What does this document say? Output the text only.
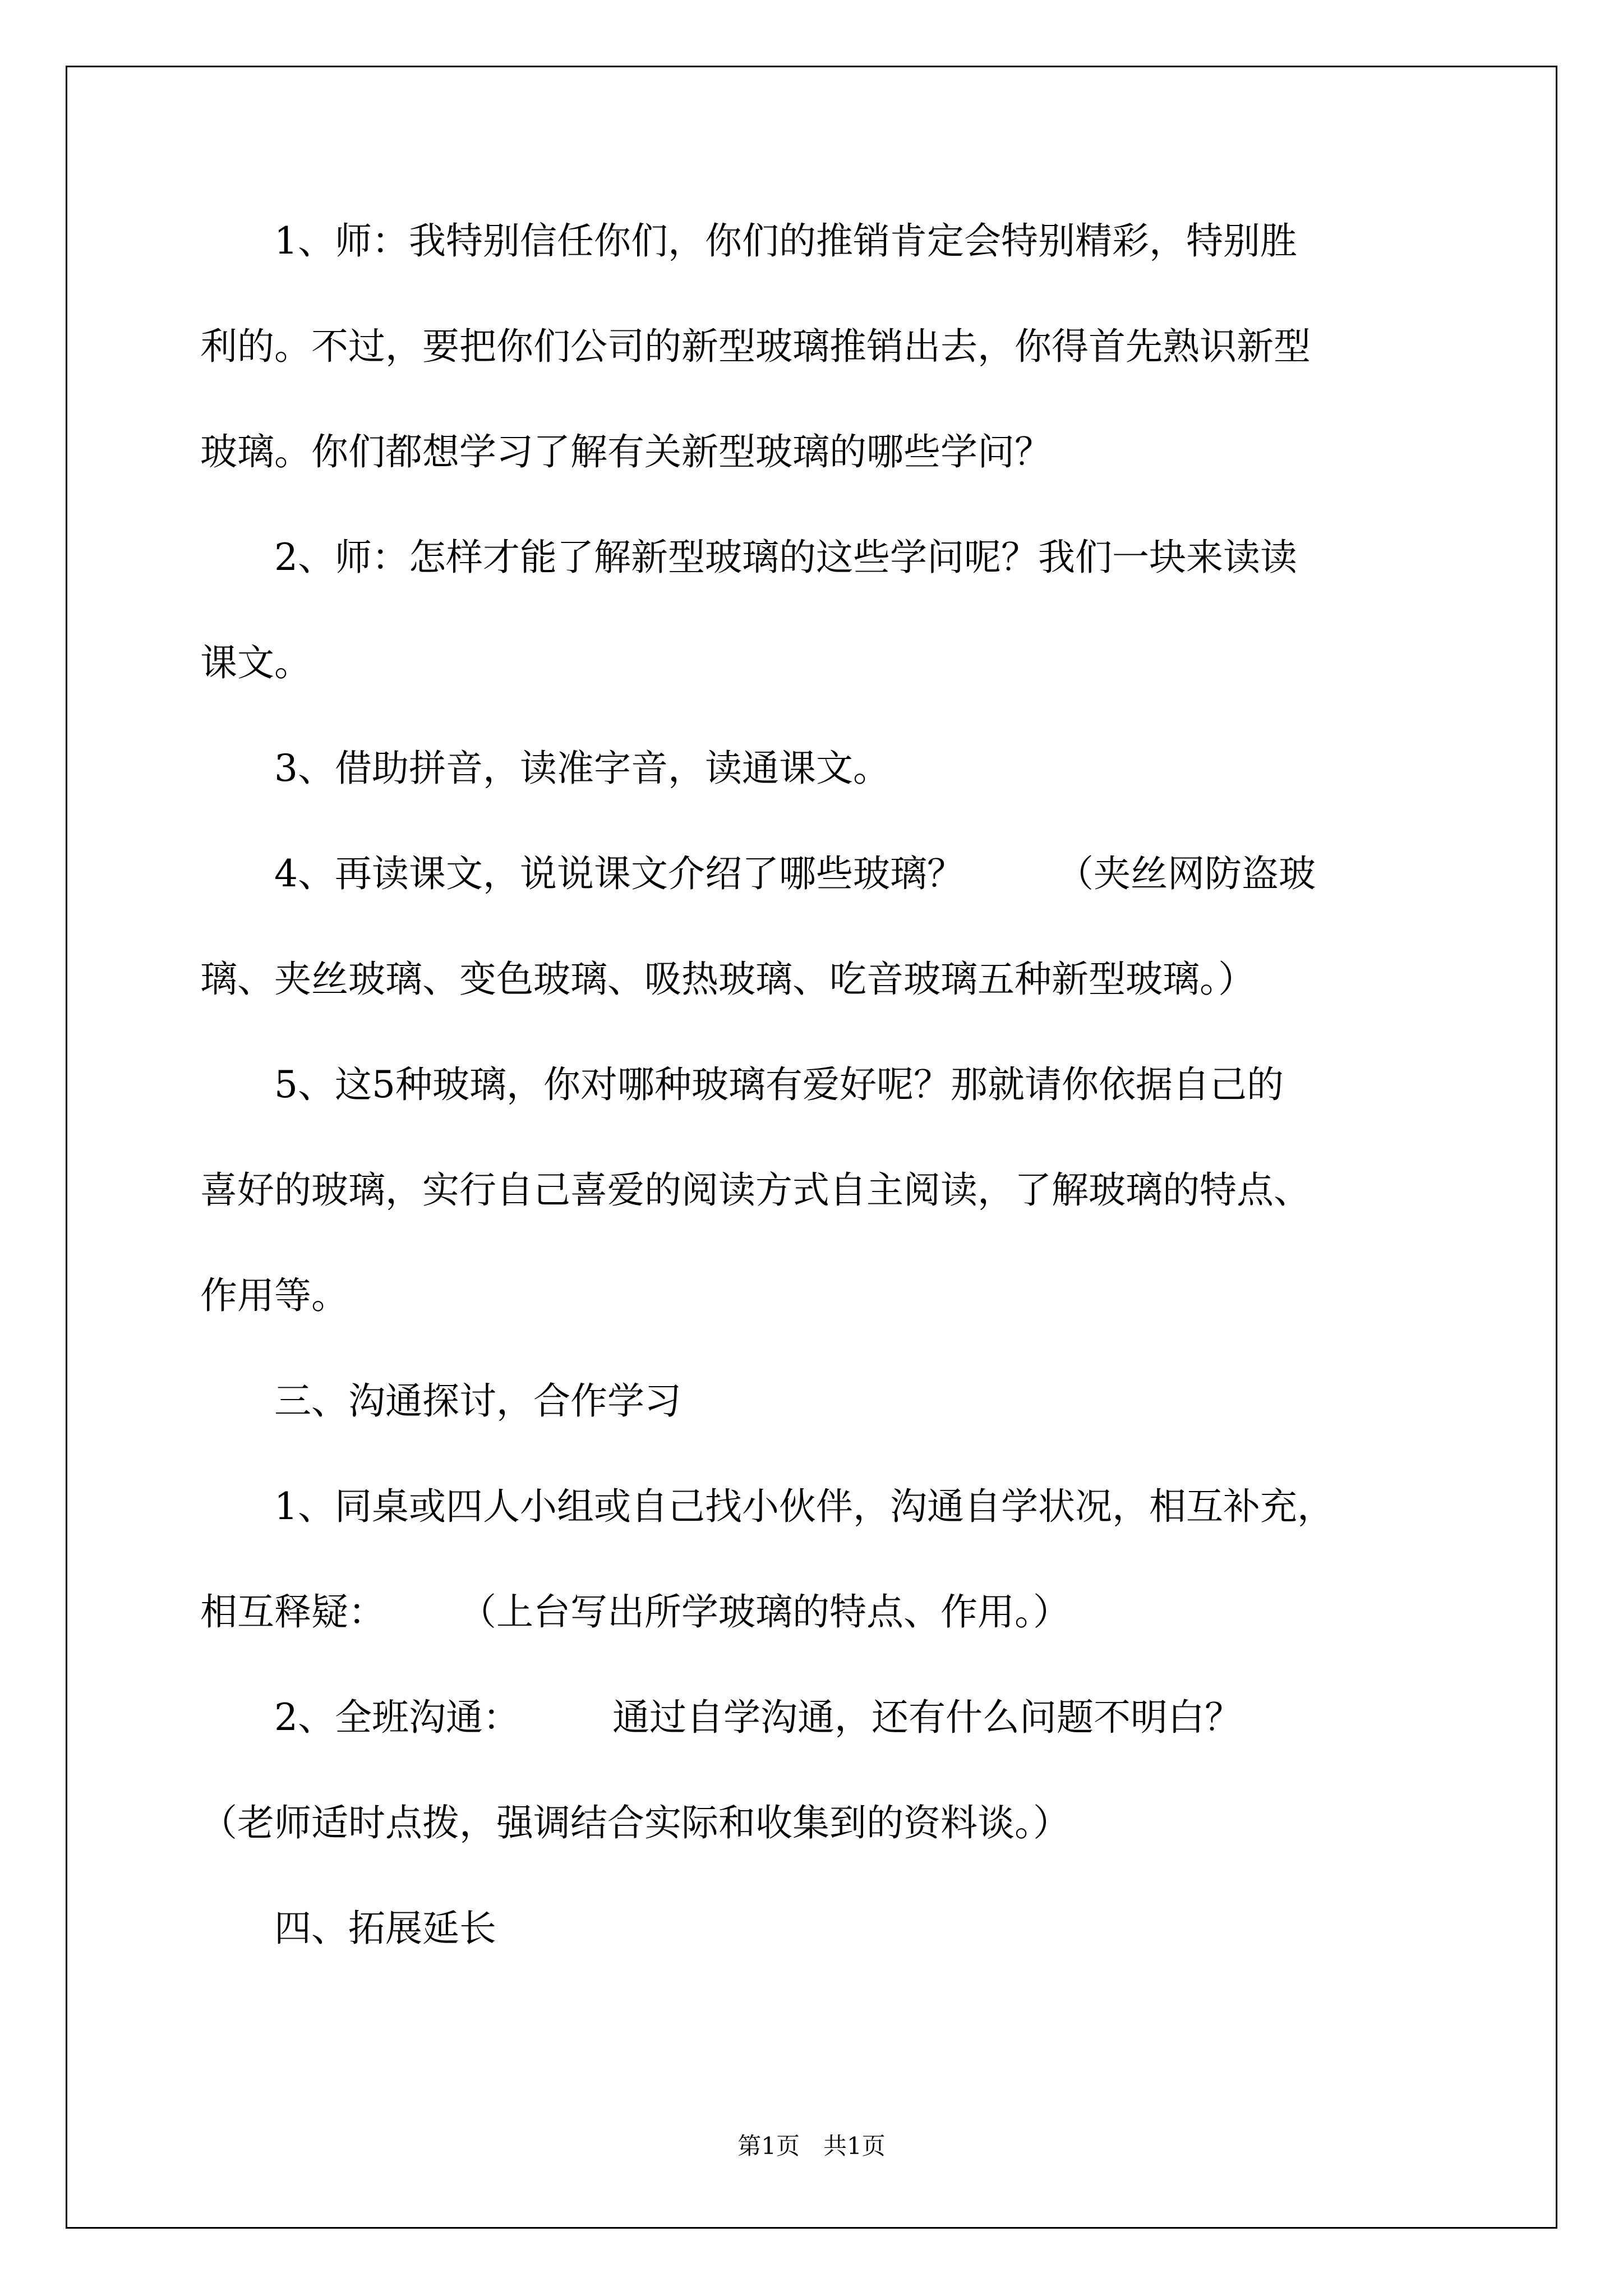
1、师：我特别信任你们，你们的推销肯定会特别精彩，特别胜
利的。不过，要把你们公司的新型玻璃推销出去，你得首先熟识新型
玻璃。你们都想学习了解有关新型玻璃的哪些学问？
2、师：怎样才能了解新型玻璃的这些学问呢？我们一块来读读
课文。
3、借助拼音，读准字音，读通课文。
4、再读课文，说说课文介绍了哪些玻璃？　　　（夹丝网防盗玻
璃、夹丝玻璃、变色玻璃、吸热玻璃、吃音玻璃五种新型玻璃。）
5、这5种玻璃，你对哪种玻璃有爱好呢？那就请你依据自己的
喜好的玻璃，实行自己喜爱的阅读方式自主阅读，了解玻璃的特点、
作用等。
三、沟通探讨，合作学习
1、同桌或四人小组或自己找小伙伴，沟通自学状况，相互补充，
相互释疑：　　　（上台写出所学玻璃的特点、作用。）
2、全班沟通：　　　通过自学沟通，还有什么问题不明白？
（老师适时点拨，强调结合实际和收集到的资料谈。）
四、拓展延长
第1页　共1页
